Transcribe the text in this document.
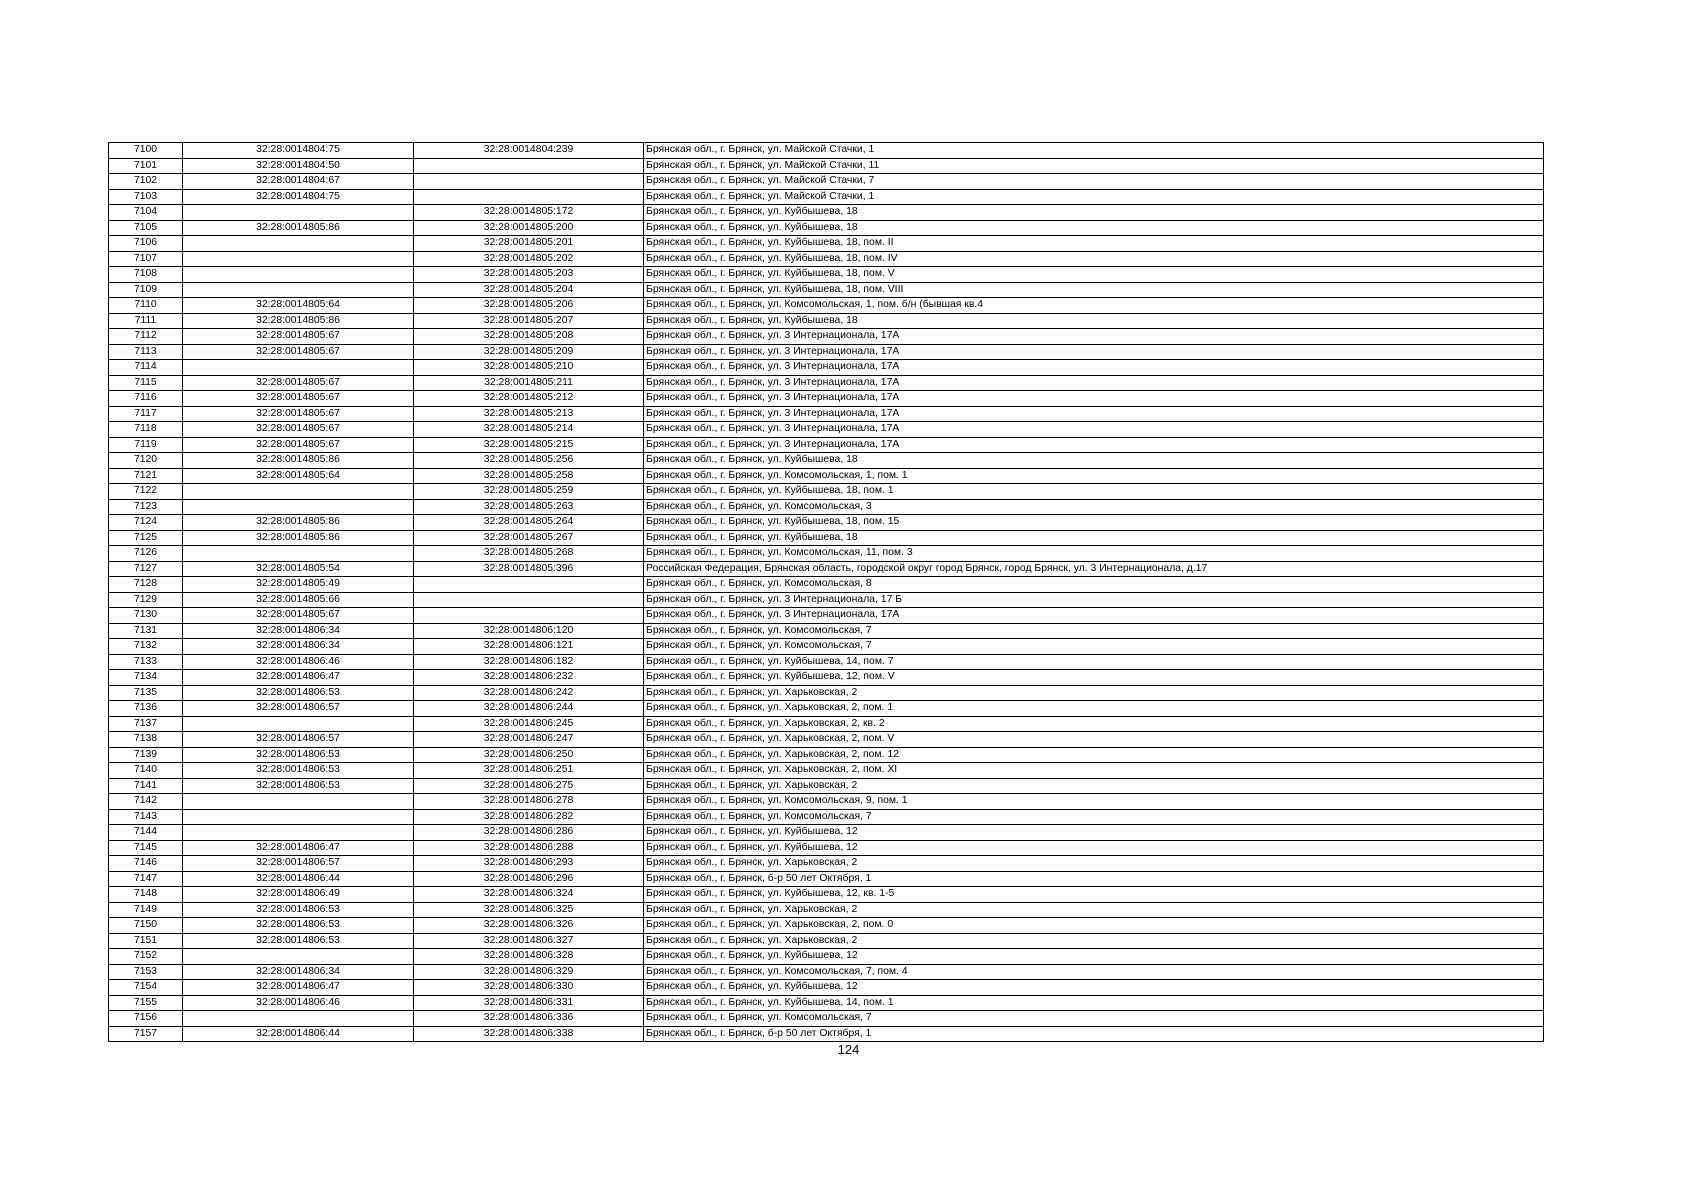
7100	32:28:0014804:75	32:28:0014804:239	Брянская обл., г. Брянск, ул. Майской Стачки, 1
7101	32:28:0014804:50		Брянская обл., г. Брянск, ул. Майской Стачки, 11
7102	32:28:0014804:67		Брянская обл., г. Брянск, ул. Майской Стачки, 7
7103	32:28:0014804:75		Брянская обл., г. Брянск, ул. Майской Стачки, 1
7104		32:28:0014805:172	Брянская обл., г. Брянск, ул. Куйбышева, 18
7105	32:28:0014805:86	32:28:0014805:200	Брянская обл., г. Брянск, ул. Куйбышева, 18
7106		32:28:0014805:201	Брянская обл., г. Брянск, ул. Куйбышева, 18, пом. II
7107		32:28:0014805:202	Брянская обл., г. Брянск, ул. Куйбышева, 18, пом. IV
7108		32:28:0014805:203	Брянская обл., г. Брянск, ул. Куйбышева, 18, пом. V
7109		32:28:0014805:204	Брянская обл., г. Брянск, ул. Куйбышева, 18, пом. VIII
7110	32:28:0014805:64	32:28:0014805:206	Брянская обл., г. Брянск, ул. Комсомольская, 1, пом. б/н (бывшая кв.4
7111	32:28:0014805:86	32:28:0014805:207	Брянская обл., г. Брянск, ул. Куйбышева, 18
7112	32:28:0014805:67	32:28:0014805:208	Брянская обл., г. Брянск, ул. 3 Интернационала, 17А
7113	32:28:0014805:67	32:28:0014805:209	Брянская обл., г. Брянск, ул. 3 Интернационала, 17А
7114		32:28:0014805:210	Брянская обл., г. Брянск, ул. 3 Интернационала, 17А
7115	32:28:0014805:67	32:28:0014805:211	Брянская обл., г. Брянск, ул. 3 Интернационала, 17А
7116	32:28:0014805:67	32:28:0014805:212	Брянская обл., г. Брянск, ул. 3 Интернационала, 17А
7117	32:28:0014805:67	32:28:0014805:213	Брянская обл., г. Брянск, ул. 3 Интернационала, 17А
7118	32:28:0014805:67	32:28:0014805:214	Брянская обл., г. Брянск, ул. 3 Интернационала, 17А
7119	32:28:0014805:67	32:28:0014805:215	Брянская обл., г. Брянск, ул. 3 Интернационала, 17А
7120	32:28:0014805:86	32:28:0014805:256	Брянская обл., г. Брянск, ул. Куйбышева, 18
7121	32:28:0014805:64	32:28:0014805:258	Брянская обл., г. Брянск, ул. Комсомольская, 1, пом. 1
7122		32:28:0014805:259	Брянская обл., г. Брянск, ул. Куйбышева, 18, пом. 1
7123		32:28:0014805:263	Брянская обл., г. Брянск, ул. Комсомольская, 3
7124	32:28:0014805:86	32:28:0014805:264	Брянская обл., г. Брянск, ул. Куйбышева, 18, пом. 15
7125	32:28:0014805:86	32:28:0014805:267	Брянская обл., г. Брянск, ул. Куйбышева, 18
7126		32:28:0014805:268	Брянская обл., г. Брянск, ул. Комсомольская, 11, пом. 3
7127	32:28:0014805:54	32:28:0014805:396	Российская Федерация, Брянская область, городской округ город Брянск, город Брянск, ул. 3 Интернационала, д.17
7128	32:28:0014805:49		Брянская обл., г. Брянск, ул. Комсомольская, 8
7129	32:28:0014805:66		Брянская обл., г. Брянск, ул. 3 Интернационала, 17 Б
7130	32:28:0014805:67		Брянская обл., г. Брянск, ул. 3 Интернационала, 17А
7131	32:28:0014806:34	32:28:0014806:120	Брянская обл., г. Брянск, ул. Комсомольская, 7
7132	32:28:0014806:34	32:28:0014806:121	Брянская обл., г. Брянск, ул. Комсомольская, 7
7133	32:28:0014806:46	32:28:0014806:182	Брянская обл., г. Брянск, ул. Куйбышева, 14, пом. 7
7134	32:28:0014806:47	32:28:0014806:232	Брянская обл., г. Брянск, ул. Куйбышева, 12, пом. V
7135	32:28:0014806:53	32:28:0014806:242	Брянская обл., г. Брянск, ул. Харьковская, 2
7136	32:28:0014806:57	32:28:0014806:244	Брянская обл., г. Брянск, ул. Харьковская, 2, пом. 1
7137		32:28:0014806:245	Брянская обл., г. Брянск, ул. Харьковская, 2, кв. 2
7138	32:28:0014806:57	32:28:0014806:247	Брянская обл., г. Брянск, ул. Харьковская, 2, пом. V
7139	32:28:0014806:53	32:28:0014806:250	Брянская обл., г. Брянск, ул. Харьковская, 2, пом. 12
7140	32:28:0014806:53	32:28:0014806:251	Брянская обл., г. Брянск, ул. Харьковская, 2, пом. XI
7141	32:28:0014806:53	32:28:0014806:275	Брянская обл., г. Брянск, ул. Харьковская, 2
7142		32:28:0014806:278	Брянская обл., г. Брянск, ул. Комсомольская, 9, пом. 1
7143		32:28:0014806:282	Брянская обл., г. Брянск, ул. Комсомольская, 7
7144		32:28:0014806:286	Брянская обл., г. Брянск, ул. Куйбышева, 12
7145	32:28:0014806:47	32:28:0014806:288	Брянская обл., г. Брянск, ул. Куйбышева, 12
7146	32:28:0014806:57	32:28:0014806:293	Брянская обл., г. Брянск, ул. Харьковская, 2
7147	32:28:0014806:44	32:28:0014806:296	Брянская обл., г. Брянск, б-р 50 лет Октября, 1
7148	32:28:0014806:49	32:28:0014806:324	Брянская обл., г. Брянск, ул. Куйбышева, 12, кв. 1-5
7149	32:28:0014806:53	32:28:0014806:325	Брянская обл., г. Брянск, ул. Харьковская, 2
7150	32:28:0014806:53	32:28:0014806:326	Брянская обл., г. Брянск, ул. Харьковская, 2, пом. 0
7151	32:28:0014806:53	32:28:0014806:327	Брянская обл., г. Брянск, ул. Харьковская, 2
7152		32:28:0014806:328	Брянская обл., г. Брянск, ул. Куйбышева, 12
7153	32:28:0014806:34	32:28:0014806:329	Брянская обл., г. Брянск, ул. Комсомольская, 7, пом. 4
7154	32:28:0014806:47	32:28:0014806:330	Брянская обл., г. Брянск, ул. Куйбышева, 12
7155	32:28:0014806:46	32:28:0014806:331	Брянская обл., г. Брянск, ул. Куйбышева, 14, пом. 1
7156		32:28:0014806:336	Брянская обл., г. Брянск, ул. Комсомольская, 7
7157	32:28:0014806:44	32:28:0014806:338	Брянская обл., г. Брянск, б-р 50 лет Октября, 1
124
